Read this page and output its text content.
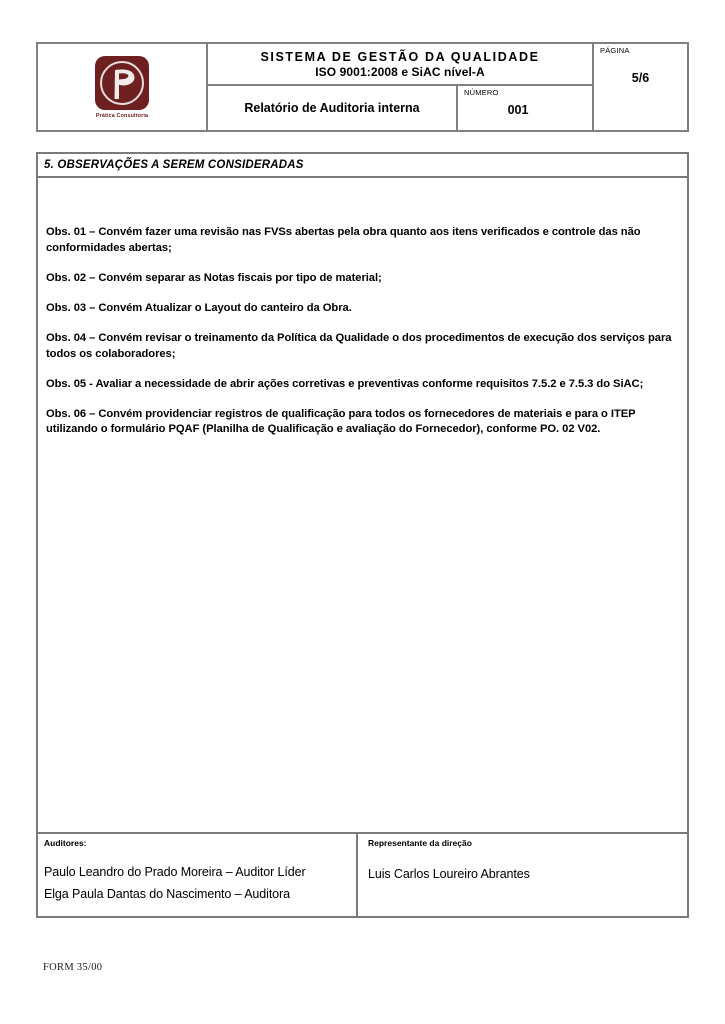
Prática Consultoria
SISTEMA DE GESTÃO DA QUALIDADE
ISO 9001:2008 e SiAC nível-A
Relatório de Auditoria interna
NÚMERO
001
PÁGINA
5/6
5. OBSERVAÇÕES A SEREM CONSIDERADAS

Obs. 01 – Convém fazer uma revisão nas FVSs abertas pela obra quanto aos itens verificados e controle das não conformidades abertas;

Obs. 02 – Convém separar as Notas fiscais por tipo de material;

Obs. 03 – Convém Atualizar o Layout do canteiro da Obra.

Obs. 04 – Convém revisar o treinamento da Política da Qualidade o dos procedimentos de execução dos serviços para todos os colaboradores;

Obs. 05 - Avaliar a necessidade de abrir ações corretivas e preventivas conforme requisitos 7.5.2 e 7.5.3 do SiAC;

Obs. 06 – Convém providenciar registros de qualificação para todos os fornecedores de materiais e para o ITEP utilizando o formulário PQAF (Planilha de Qualificação e avaliação do Fornecedor), conforme PO. 02 V02.

Auditores:
Paulo Leandro do Prado Moreira – Auditor Líder
Elga Paula Dantas do Nascimento – Auditora
Representante da direção
Luis Carlos Loureiro Abrantes
FORM 35/00
